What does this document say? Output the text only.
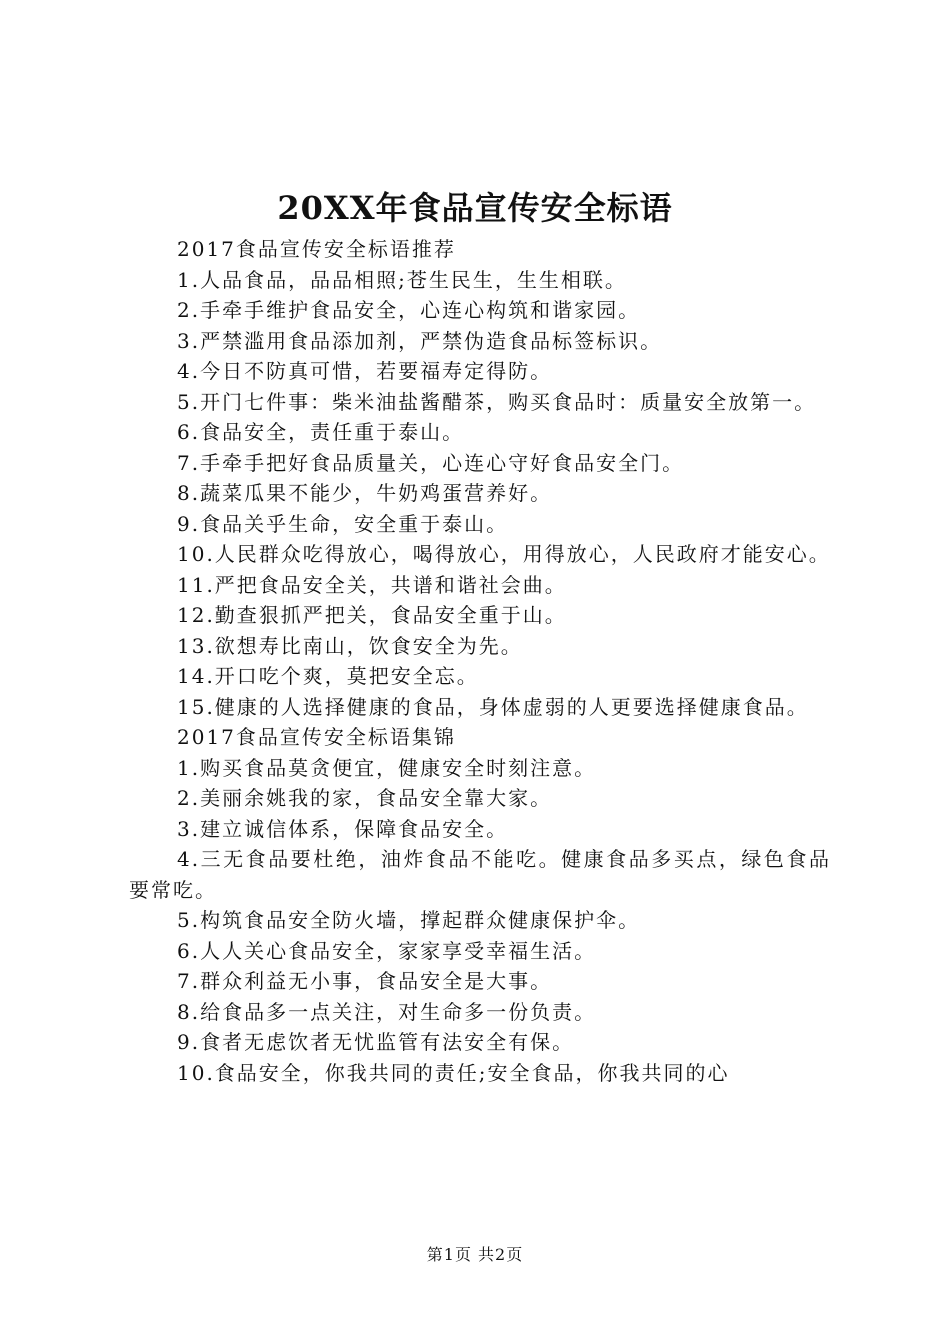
20XX年食品宣传安全标语

2017食品宣传安全标语推荐

1.人品食品，品品相照;苍生民生，生生相联。

2.手牵手维护食品安全，心连心构筑和谐家园。

3.严禁滥用食品添加剂，严禁伪造食品标签标识。

4.今日不防真可惜，若要福寿定得防。

5.开门七件事：柴米油盐酱醋茶，购买食品时：质量安全放第一。

6.食品安全，责任重于泰山。

7.手牵手把好食品质量关，心连心守好食品安全门。

8.蔬菜瓜果不能少，牛奶鸡蛋营养好。

9.食品关乎生命，安全重于泰山。

10.人民群众吃得放心，喝得放心，用得放心，人民政府才能安心。

11.严把食品安全关，共谱和谐社会曲。

12.勤查狠抓严把关，食品安全重于山。

13.欲想寿比南山，饮食安全为先。

14.开口吃个爽，莫把安全忘。

15.健康的人选择健康的食品，身体虚弱的人更要选择健康食品。

2017食品宣传安全标语集锦

1.购买食品莫贪便宜，健康安全时刻注意。

2.美丽余姚我的家，食品安全靠大家。

3.建立诚信体系，保障食品安全。

4.三无食品要杜绝，油炸食品不能吃。健康食品多买点，绿色食品要常吃。

5.构筑食品安全防火墙，撑起群众健康保护伞。

6.人人关心食品安全，家家享受幸福生活。

7.群众利益无小事，食品安全是大事。

8.给食品多一点关注，对生命多一份负责。

9.食者无虑饮者无忧监管有法安全有保。

10.食品安全，你我共同的责任;安全食品，你我共同的心

第1页 共2页
